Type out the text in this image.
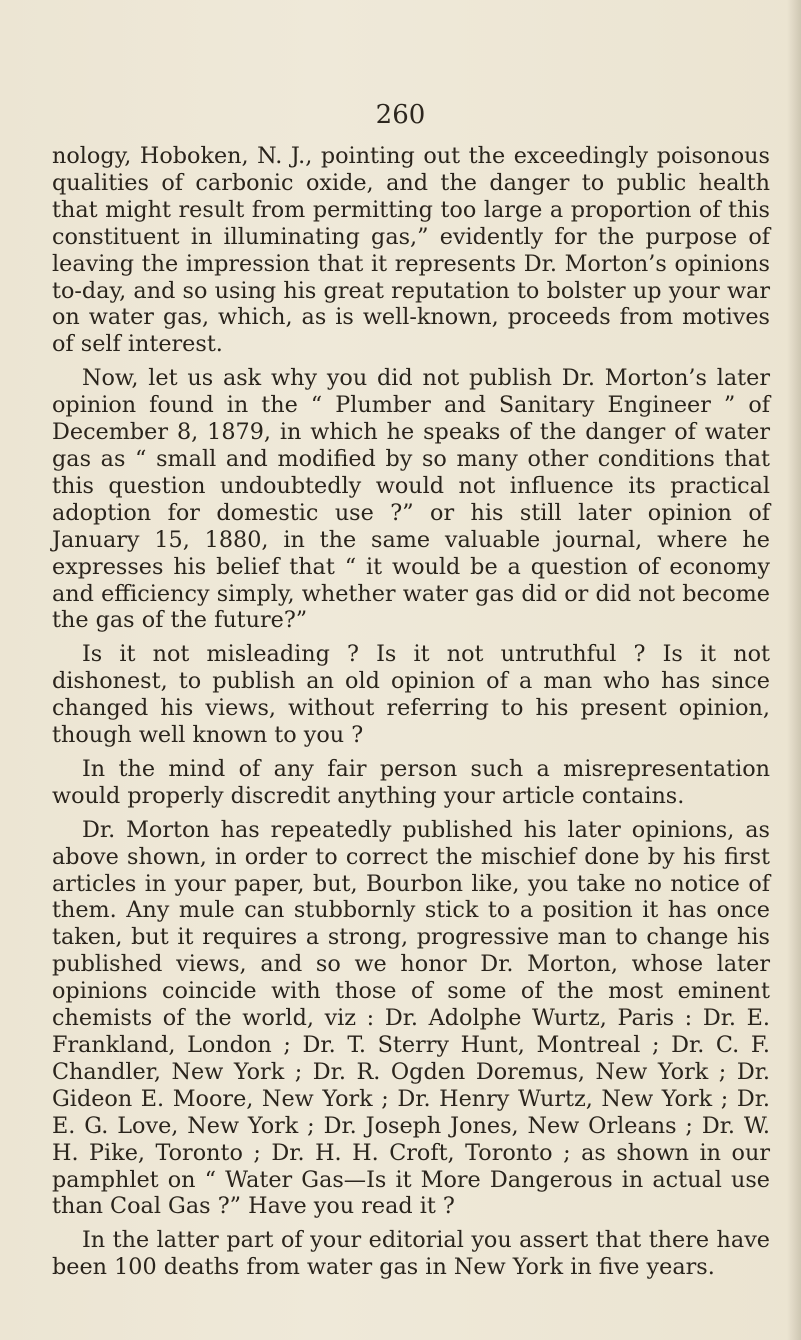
260

nology, Hoboken, N. J., pointing out the exceedingly poisonous qualities of carbonic oxide, and the danger to public health that might result from permitting too large a proportion of this constituent in illuminating gas,” evidently for the purpose of leaving the impression that it represents Dr. Morton’s opinions to-day, and so using his great reputation to bolster up your war on water gas, which, as is well-known, proceeds from motives of self interest.

Now, let us ask why you did not publish Dr. Morton’s later opinion found in the “ Plumber and Sanitary Engineer ” of December 8, 1879, in which he speaks of the danger of water gas as “ small and modified by so many other conditions that this question undoubtedly would not influence its practical adoption for domestic use ?” or his still later opinion of January 15, 1880, in the same valuable journal, where he expresses his belief that “ it would be a question of economy and efficiency simply, whether water gas did or did not become the gas of the future?”

Is it not misleading ? Is it not untruthful ? Is it not dishonest, to publish an old opinion of a man who has since changed his views, without referring to his present opinion, though well known to you ?

In the mind of any fair person such a misrepresentation would properly discredit anything your article contains.

Dr. Morton has repeatedly published his later opinions, as above shown, in order to correct the mischief done by his first articles in your paper, but, Bourbon like, you take no notice of them. Any mule can stubbornly stick to a position it has once taken, but it requires a strong, progressive man to change his published views, and so we honor Dr. Morton, whose later opinions coincide with those of some of the most eminent chemists of the world, viz : Dr. Adolphe Wurtz, Paris : Dr. E. Frankland, London ; Dr. T. Sterry Hunt, Montreal ; Dr. C. F. Chandler, New York ; Dr. R. Ogden Doremus, New York ; Dr. Gideon E. Moore, New York ; Dr. Henry Wurtz, New York ; Dr. E. G. Love, New York ; Dr. Joseph Jones, New Orleans ; Dr. W. H. Pike, Toronto ; Dr. H. H. Croft, Toronto ; as shown in our pamphlet on “ Water Gas—Is it More Dangerous in actual use than Coal Gas ?” Have you read it ?

In the latter part of your editorial you assert that there have been 100 deaths from water gas in New York in five years.
